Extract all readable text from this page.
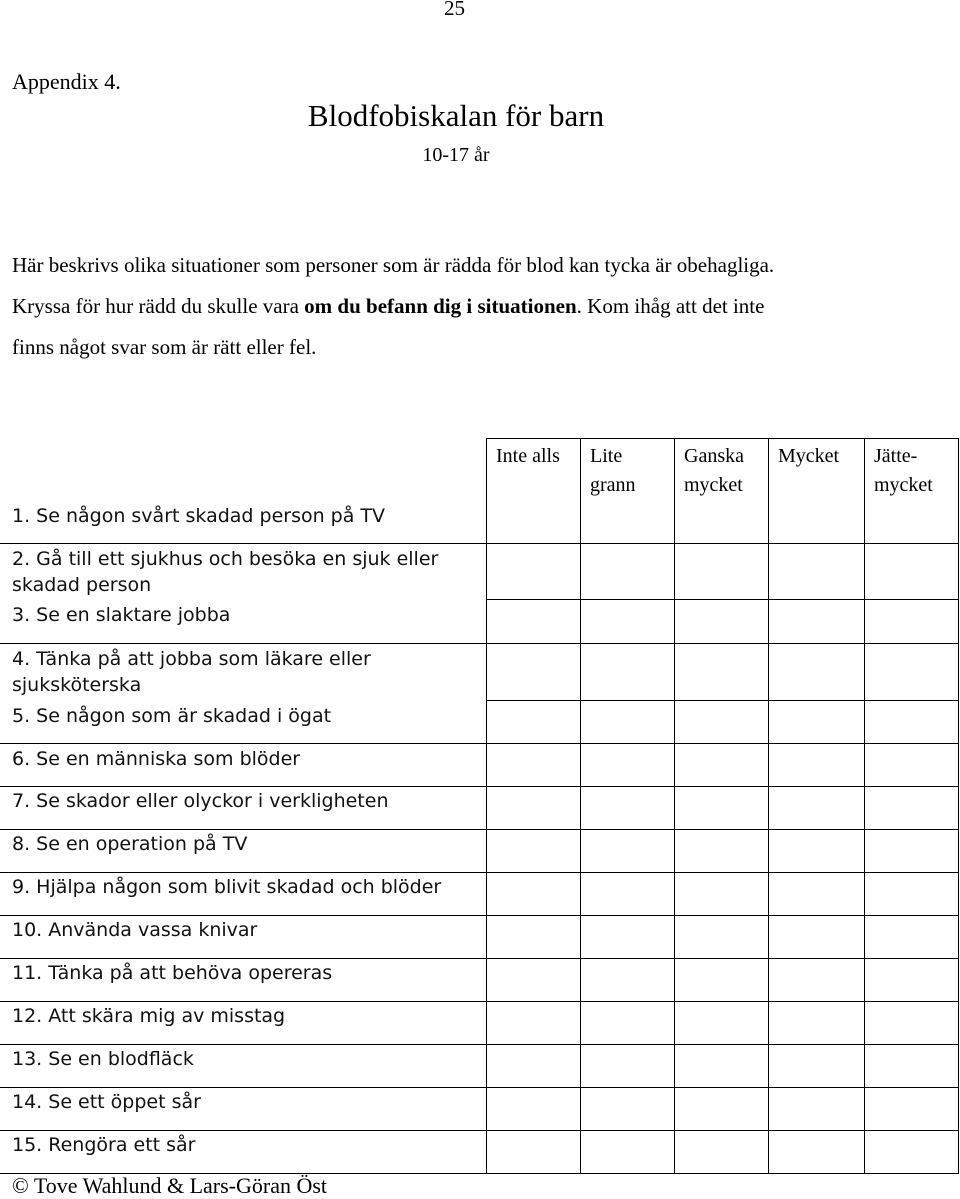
25
Appendix 4.
Blodfobiskalan för barn
10-17 år
Här beskrivs olika situationer som personer som är rädda för blod kan tycka är obehagliga.
Kryssa för hur rädd du skulle vara om du befann dig i situationen. Kom ihåg att det inte
finns något svar som är rätt eller fel.
Inte alls Lite
grann
Ganska
mycket
Mycket Jätte-
mycket
1. Se någon svårt skadad person på TV
2. Gå till ett sjukhus och besöka en sjuk eller
skadad person
3. Se en slaktare jobba
4. Tänka på att jobba som läkare eller
sjuksköterska
5. Se någon som är skadad i ögat
6. Se en människa som blöder
7. Se skador eller olyckor i verkligheten
8. Se en operation på TV
9. Hjälpa någon som blivit skadad och blöder
10. Använda vassa knivar
11. Tänka på att behöva opereras
12. Att skära mig av misstag
13. Se en blodfläck
14. Se ett öppet sår
15. Rengöra ett sår
© Tove Wahlund & Lars-Göran Öst
